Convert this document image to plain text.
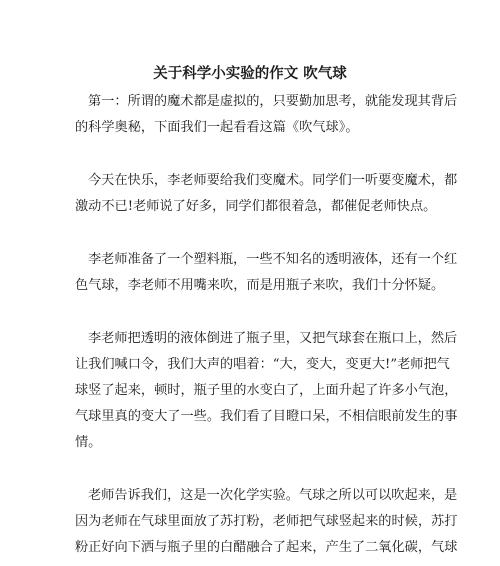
关于科学小实验的作文 吹气球
第一：所谓的魔术都是虚拟的，只要勤加思考，就能发现其背后
的科学奥秘，下面我们一起看看这篇《吹气球》。
今天在快乐，李老师要给我们变魔术。同学们一听要变魔术，都
激动不已!老师说了好多，同学们都很着急，都催促老师快点。
李老师准备了一个塑料瓶，一些不知名的透明液体，还有一个红
色气球，李老师不用嘴来吹，而是用瓶子来吹，我们十分怀疑。
李老师把透明的液体倒进了瓶子里，又把气球套在瓶口上，然后
让我们喊口令，我们大声的唱着：“大，变大，变更大!”老师把气
球竖了起来，顿时，瓶子里的水变白了，上面升起了许多小气泡，
气球里真的变大了一些。我们看了目瞪口呆，不相信眼前发生的事
情。
老师告诉我们，这是一次化学实验。气球之所以可以吹起来，是
因为老师在气球里面放了苏打粉，老师把气球竖起来的时候，苏打
粉正好向下洒与瓶子里的白醋融合了起来，产生了二氧化碳，气球
